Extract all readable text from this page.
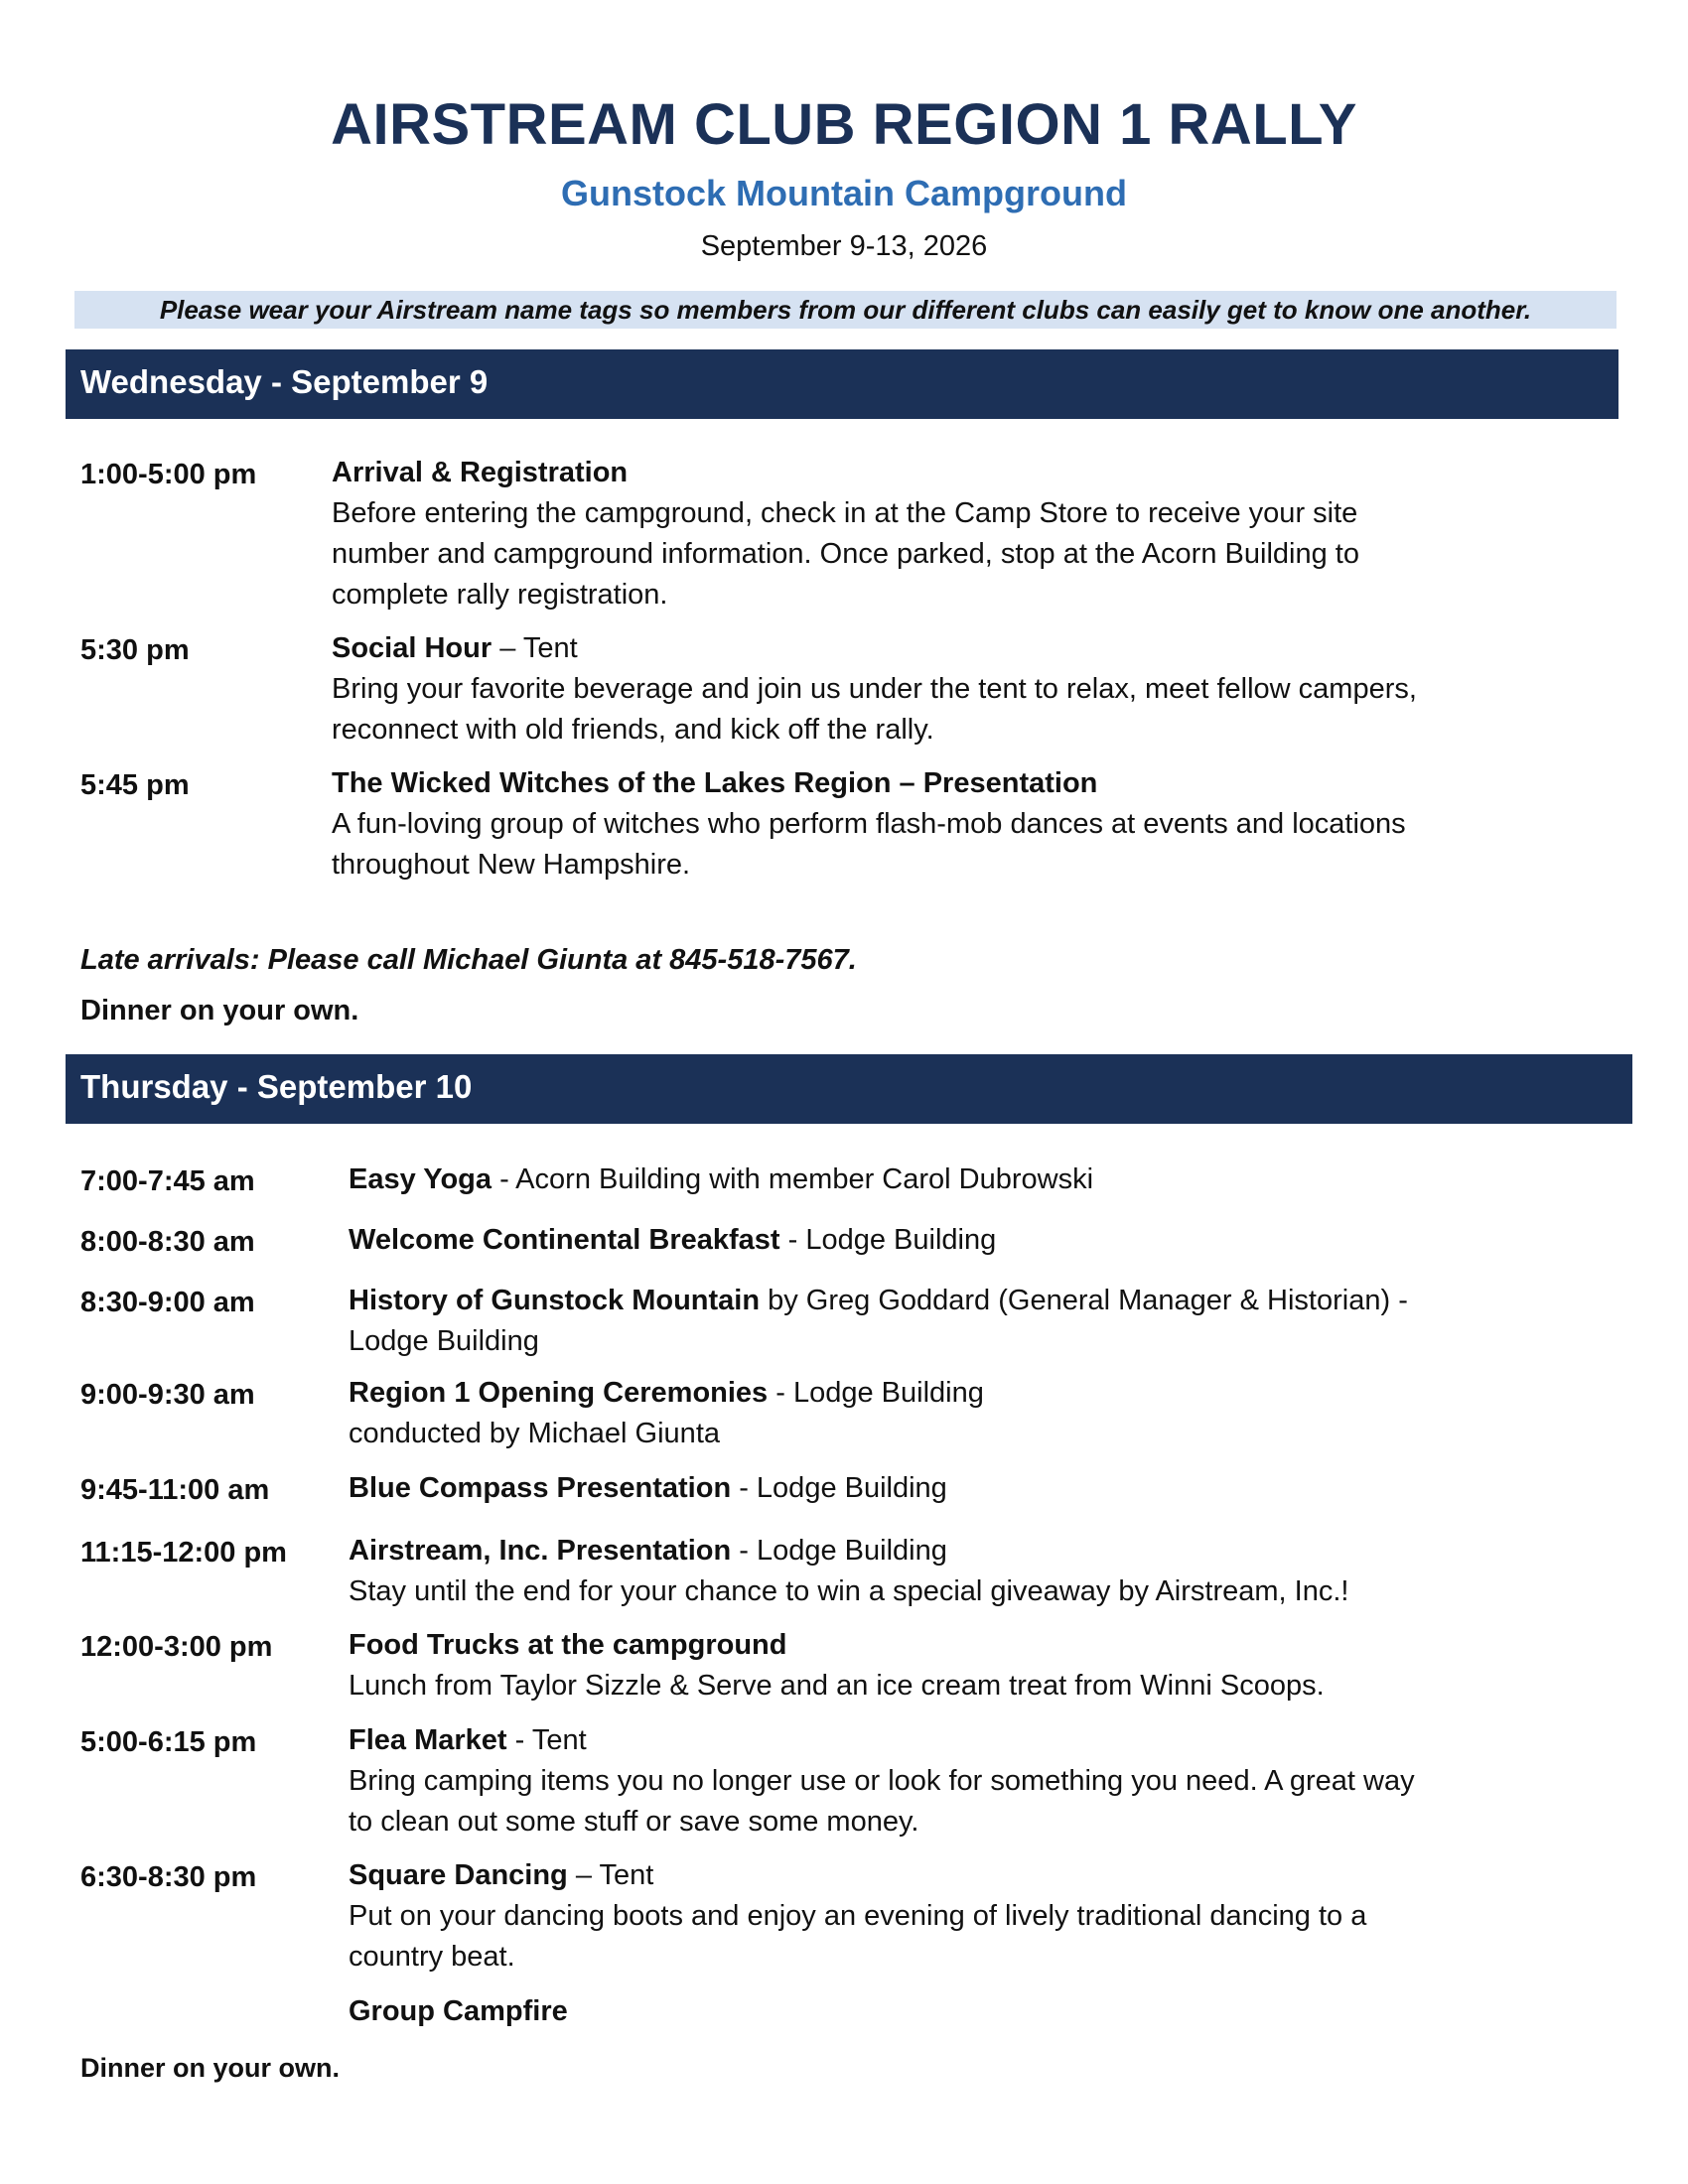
AIRSTREAM CLUB REGION 1 RALLY
Gunstock Mountain Campground
September 9-13, 2026
Please wear your Airstream name tags so members from our different clubs can easily get to know one another.
Wednesday - September 9
1:00-5:00 pm	Arrival & Registration
Before entering the campground, check in at the Camp Store to receive your site
number and campground information. Once parked, stop at the Acorn Building to
complete rally registration.
5:30 pm	Social Hour – Tent
Bring your favorite beverage and join us under the tent to relax, meet fellow campers,
reconnect with old friends, and kick off the rally.
5:45 pm	The Wicked Witches of the Lakes Region – Presentation
A fun-loving group of witches who perform flash-mob dances at events and locations
throughout New Hampshire.
Late arrivals: Please call Michael Giunta at 845-518-7567.
Dinner on your own.
Thursday - September 10
7:00-7:45 am	Easy Yoga - Acorn Building with member Carol Dubrowski
8:00-8:30 am	Welcome Continental Breakfast - Lodge Building
8:30-9:00 am	History of Gunstock Mountain by Greg Goddard (General Manager & Historian) -
Lodge Building
9:00-9:30 am	Region 1 Opening Ceremonies - Lodge Building
conducted by Michael Giunta
9:45-11:00 am	Blue Compass Presentation - Lodge Building
11:15-12:00 pm Airstream, Inc. Presentation - Lodge Building
Stay until the end for your chance to win a special giveaway by Airstream, Inc.!
12:00-3:00 pm	Food Trucks at the campground
Lunch from Taylor Sizzle & Serve and an ice cream treat from Winni Scoops.
5:00-6:15 pm	Flea Market - Tent
Bring camping items you no longer use or look for something you need. A great way
to clean out some stuff or save some money.
6:30-8:30 pm	Square Dancing – Tent
Put on your dancing boots and enjoy an evening of lively traditional dancing to a
country beat.
Group Campfire
Dinner on your own.
